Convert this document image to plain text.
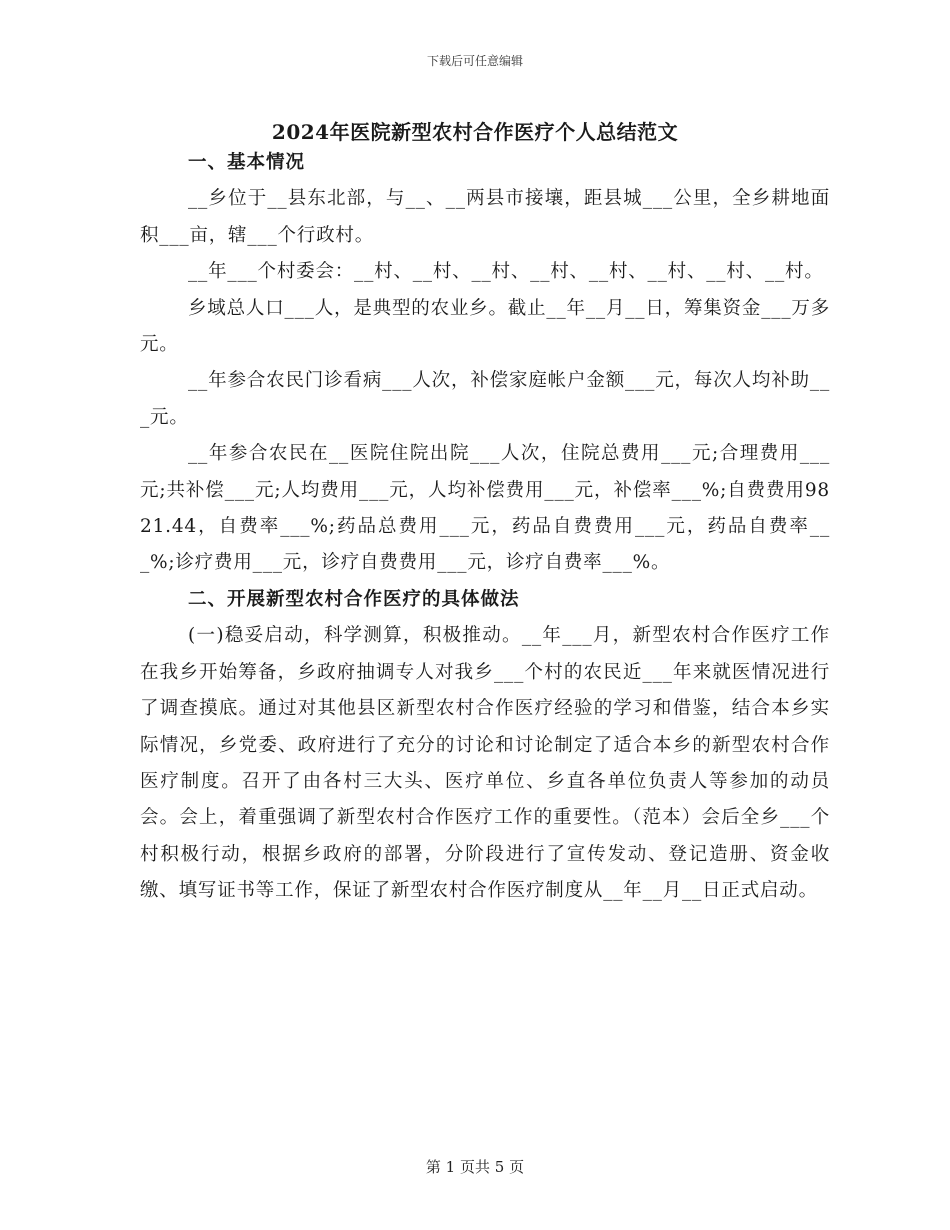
下载后可任意编辑
2024年医院新型农村合作医疗个人总结范文

一、基本情况

__乡位于__县东北部，与__、__两县市接壤，距县城___公里，全乡耕地面积___亩，辖___个行政村。

__年___个村委会：__村、__村、__村、__村、__村、__村、__村、__村。

乡域总人口___人，是典型的农业乡。截止__年__月__日，筹集资金___万多元。

__年参合农民门诊看病___人次，补偿家庭帐户金额___元，每次人均补助___元。

__年参合农民在__医院住院出院___人次，住院总费用___元;合理费用___元;共补偿___元;人均费用___元，人均补偿费用___元，补偿率___%;自费费用9821.44，自费率___%;药品总费用___元，药品自费费用___元，药品自费率___%;诊疗费用___元，诊疗自费费用___元，诊疗自费率___%。

二、开展新型农村合作医疗的具体做法

(一)稳妥启动，科学测算，积极推动。__年___月，新型农村合作医疗工作在我乡开始筹备，乡政府抽调专人对我乡___个村的农民近___年来就医情况进行了调查摸底。通过对其他县区新型农村合作医疗经验的学习和借鉴，结合本乡实际情况，乡党委、政府进行了充分的讨论和讨论制定了适合本乡的新型农村合作医疗制度。召开了由各村三大头、医疗单位、乡直各单位负责人等参加的动员会。会上，着重强调了新型农村合作医疗工作的重要性。（范本）会后全乡___个村积极行动，根据乡政府的部署，分阶段进行了宣传发动、登记造册、资金收缴、填写证书等工作，保证了新型农村合作医疗制度从__年__月__日正式启动。

第 1 页共 5 页
